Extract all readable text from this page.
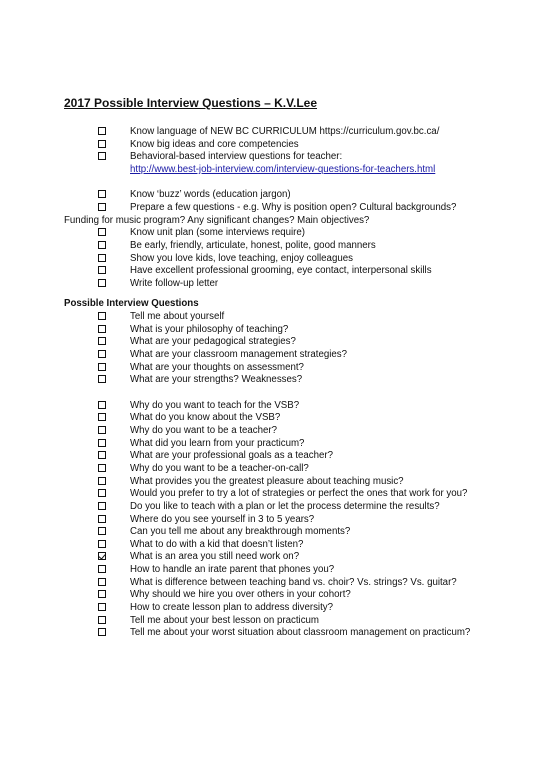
2017 Possible Interview Questions – K.V.Lee
Know language of NEW BC CURRICULUM https://curriculum.gov.bc.ca/
Know big ideas and core competencies
Behavioral-based interview questions for teacher:
http://www.best-job-interview.com/interview-questions-for-teachers.html
Know ‘buzz’ words (education jargon)
Prepare a few questions - e.g. Why is position open? Cultural backgrounds?
Funding for music program? Any significant changes? Main objectives?
Know unit plan (some interviews require)
Be early, friendly, articulate, honest, polite, good manners
Show you love kids, love teaching, enjoy colleagues
Have excellent professional grooming, eye contact, interpersonal skills
Write follow-up letter
Possible Interview Questions
Tell me about yourself
What is your philosophy of teaching?
What are your pedagogical strategies?
What are your classroom management strategies?
What are your thoughts on assessment?
What are your strengths? Weaknesses?
Why do you want to teach for the VSB?
What do you know about the VSB?
Why do you want to be a teacher?
What did you learn from your practicum?
What are your professional goals as a teacher?
Why do you want to be a teacher-on-call?
What provides you the greatest pleasure about teaching music?
Would you prefer to try a lot of strategies or perfect the ones that work for you?
Do you like to teach with a plan or let the process determine the results?
Where do you see yourself in 3 to 5 years?
Can you tell me about any breakthrough moments?
What to do with a kid that doesn’t listen?
What is an area you still need work on?
How to handle an irate parent that phones you?
What is difference between teaching band vs. choir? Vs. strings? Vs. guitar?
Why should we hire you over others in your cohort?
How to create lesson plan to address diversity?
Tell me about your best lesson on practicum
Tell me about your worst situation about classroom management on practicum?
